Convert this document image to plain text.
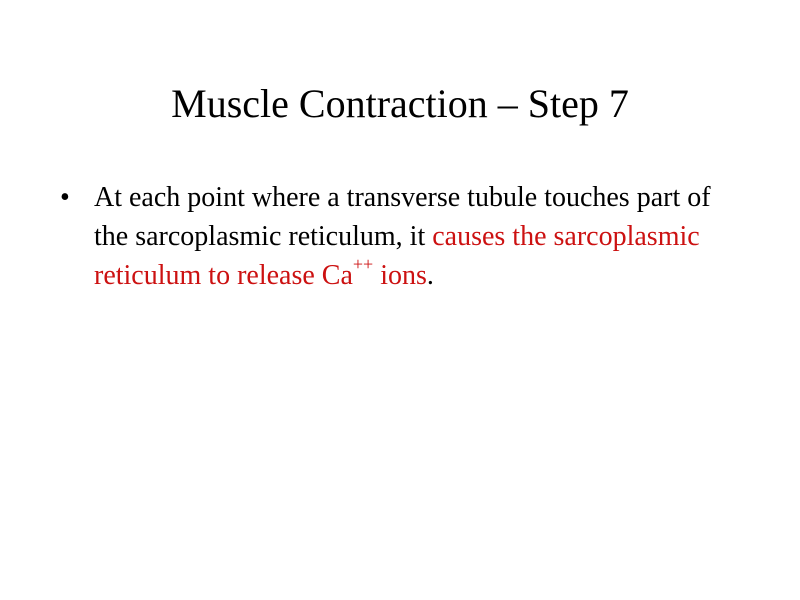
Muscle Contraction – Step 7
• At each point where a transverse tubule touches part of the sarcoplasmic reticulum, it causes the sarcoplasmic reticulum to release Ca++ ions.
